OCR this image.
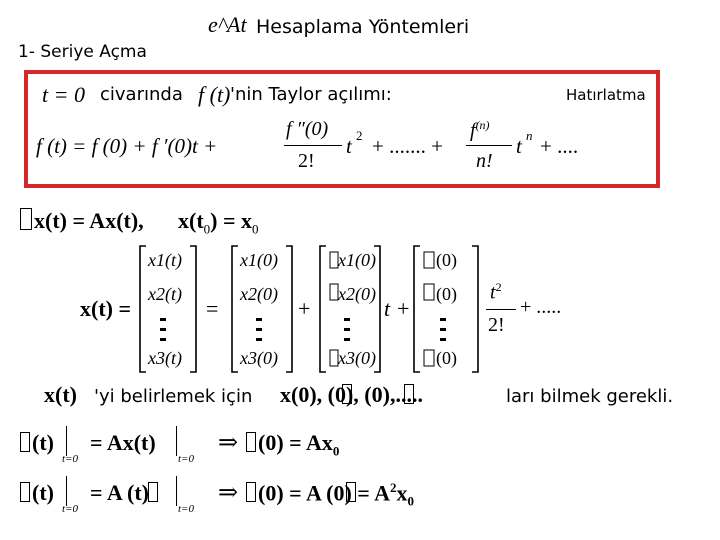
e^At Hesaplama Yöntemleri
1- Seriye Açma
t = 0 civarında f (t) 'nin Taylor açılımı:	Hatırlatma
f (t) = f (0) + f ′(0)t +
f ″(0)
2!
t 2 + ....... +
$f^{(n)}$
n!
t n + ....
x(t) = Ax(t), $x(t_0) = x_0$
x(t) =
x1(t)
x2(t)
x3(t)
=
x1(0)
x2(0)
x3(0)
+
x1(0)
x2(0)
x3(0)
t +
(0)
(0)
(0)
$t^2$
2!
+ .....
x(t) 'yi belirlemek için x(0), (0), (0),.....	ları bilmek gerekli.
(t)
t=0
= Ax(t)
t=0
⇒ $(0) = Ax_0$
(t)
t=0
= A (t)
t=0
⇒ (0) = A $(0) = A^2x_0$
